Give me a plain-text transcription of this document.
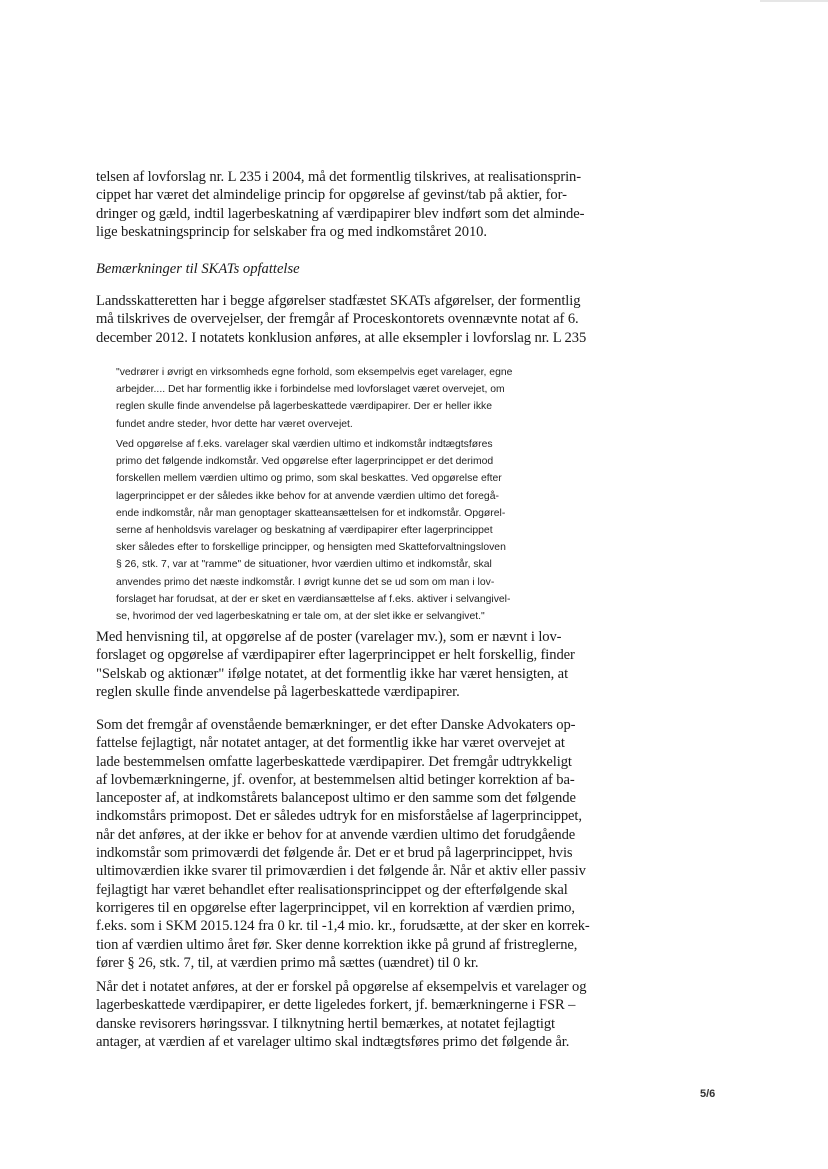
telsen af lovforslag nr. L 235 i 2004, må det formentlig tilskrives, at realisationsprin-
cippet har været det almindelige princip for opgørelse af gevinst/tab på aktier, for-
dringer og gæld, indtil lagerbeskatning af værdipapirer blev indført som det alminde-
lige beskatningsprincip for selskaber fra og med indkomståret 2010.
Bemærkninger til SKATs opfattelse
Landsskatteretten har i begge afgørelser stadfæstet SKATs afgørelser, der formentlig
må tilskrives de overvejelser, der fremgår af Proceskontorets ovennævnte notat af 6.
december 2012. I notatets konklusion anføres, at alle eksempler i lovforslag nr. L 235
"vedrører i øvrigt en virksomheds egne forhold, som eksempelvis eget varelager, egne
arbejder.... Det har formentlig ikke i forbindelse med lovforslaget været overvejet, om
reglen skulle finde anvendelse på lagerbeskattede værdipapirer. Der er heller ikke
fundet andre steder, hvor dette har været overvejet.
Ved opgørelse af f.eks. varelager skal værdien ultimo et indkomstår indtægtsføres
primo det følgende indkomstår. Ved opgørelse efter lagerprincippet er det derimod
forskellen mellem værdien ultimo og primo, som skal beskattes. Ved opgørelse efter
lagerprincippet er der således ikke behov for at anvende værdien ultimo det foregå-
ende indkomstår, når man genoptager skatteansættelsen for et indkomstår. Opgørel-
serne af henholdsvis varelager og beskatning af værdipapirer efter lagerprincippet
sker således efter to forskellige principper, og hensigten med Skatteforvaltningsloven
§ 26, stk. 7, var at "ramme" de situationer, hvor værdien ultimo et indkomstår, skal
anvendes primo det næste indkomstår. I øvrigt kunne det se ud som om man i lov-
forslaget har forudsat, at der er sket en værdiansættelse af f.eks. aktiver i selvangivel-
se, hvorimod der ved lagerbeskatning er tale om, at der slet ikke er selvangivet."
Med henvisning til, at opgørelse af de poster (varelager mv.), som er nævnt i lov-
forslaget og opgørelse af værdipapirer efter lagerprincippet er helt forskellig, finder
"Selskab og aktionær" ifølge notatet, at det formentlig ikke har været hensigten, at
reglen skulle finde anvendelse på lagerbeskattede værdipapirer.
Som det fremgår af ovenstående bemærkninger, er det efter Danske Advokaters op-
fattelse fejlagtigt, når notatet antager, at det formentlig ikke har været overvejet at
lade bestemmelsen omfatte lagerbeskattede værdipapirer. Det fremgår udtrykkeligt
af lovbemærkningerne, jf. ovenfor, at bestemmelsen altid betinger korrektion af ba-
lanceposter af, at indkomstårets balancepost ultimo er den samme som det følgende
indkomstårs primopost. Det er således udtryk for en misforståelse af lagerprincippet,
når det anføres, at der ikke er behov for at anvende værdien ultimo det forudgående
indkomstår som primoværdi det følgende år. Det er et brud på lagerprincippet, hvis
ultimoværdien ikke svarer til primoværdien i det følgende år. Når et aktiv eller passiv
fejlagtigt har været behandlet efter realisationsprincippet og der efterfølgende skal
korrigeres til en opgørelse efter lagerprincippet, vil en korrektion af værdien primo,
f.eks. som i SKM 2015.124 fra 0 kr. til -1,4 mio. kr., forudsætte, at der sker en korrek-
tion af værdien ultimo året før. Sker denne korrektion ikke på grund af fristreglerne,
fører § 26, stk. 7, til, at værdien primo må sættes (uændret) til 0 kr.
Når det i notatet anføres, at der er forskel på opgørelse af eksempelvis et varelager og
lagerbeskattede værdipapirer, er dette ligeledes forkert, jf. bemærkningerne i FSR –
danske revisorers høringssvar. I tilknytning hertil bemærkes, at notatet fejlagtigt
antager, at værdien af et varelager ultimo skal indtægtsføres primo det følgende år.
5/6
